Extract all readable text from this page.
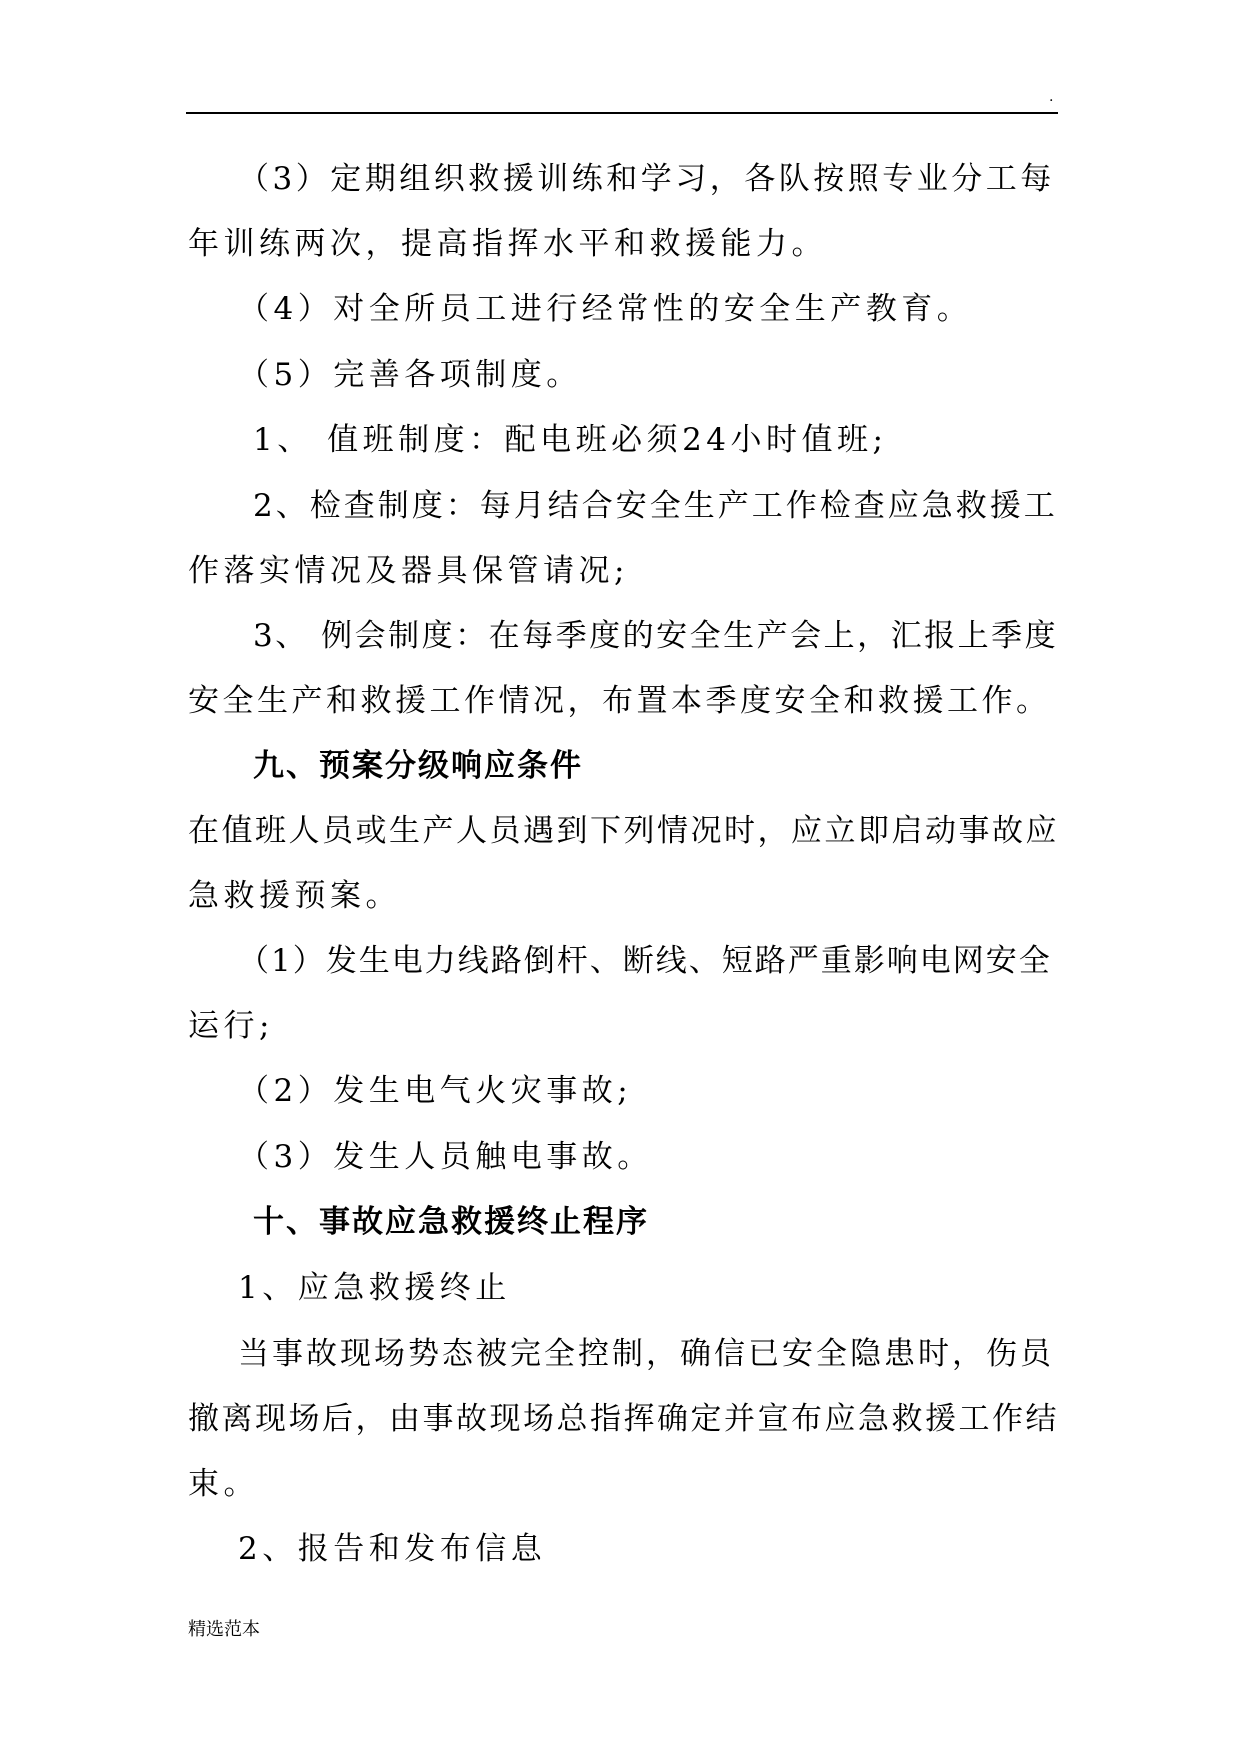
.
（3）定期组织救援训练和学习，各队按照专业分工每
年训练两次，提高指挥水平和救援能力。
（4）对全所员工进行经常性的安全生产教育。
（5）完善各项制度。
1、 值班制度：配电班必须24小时值班;
2、检查制度：每月结合安全生产工作检查应急救援工
作落实情况及器具保管请况;
3、 例会制度：在每季度的安全生产会上，汇报上季度
安全生产和救援工作情况，布置本季度安全和救援工作。
九、预案分级响应条件
在值班人员或生产人员遇到下列情况时，应立即启动事故应
急救援预案。
（1）发生电力线路倒杆、断线、短路严重影响电网安全
运行;
（2）发生电气火灾事故;
（3）发生人员触电事故。
十、事故应急救援终止程序
1、应急救援终止
当事故现场势态被完全控制，确信已安全隐患时，伤员
撤离现场后，由事故现场总指挥确定并宣布应急救援工作结
束。
2、报告和发布信息
精选范本
